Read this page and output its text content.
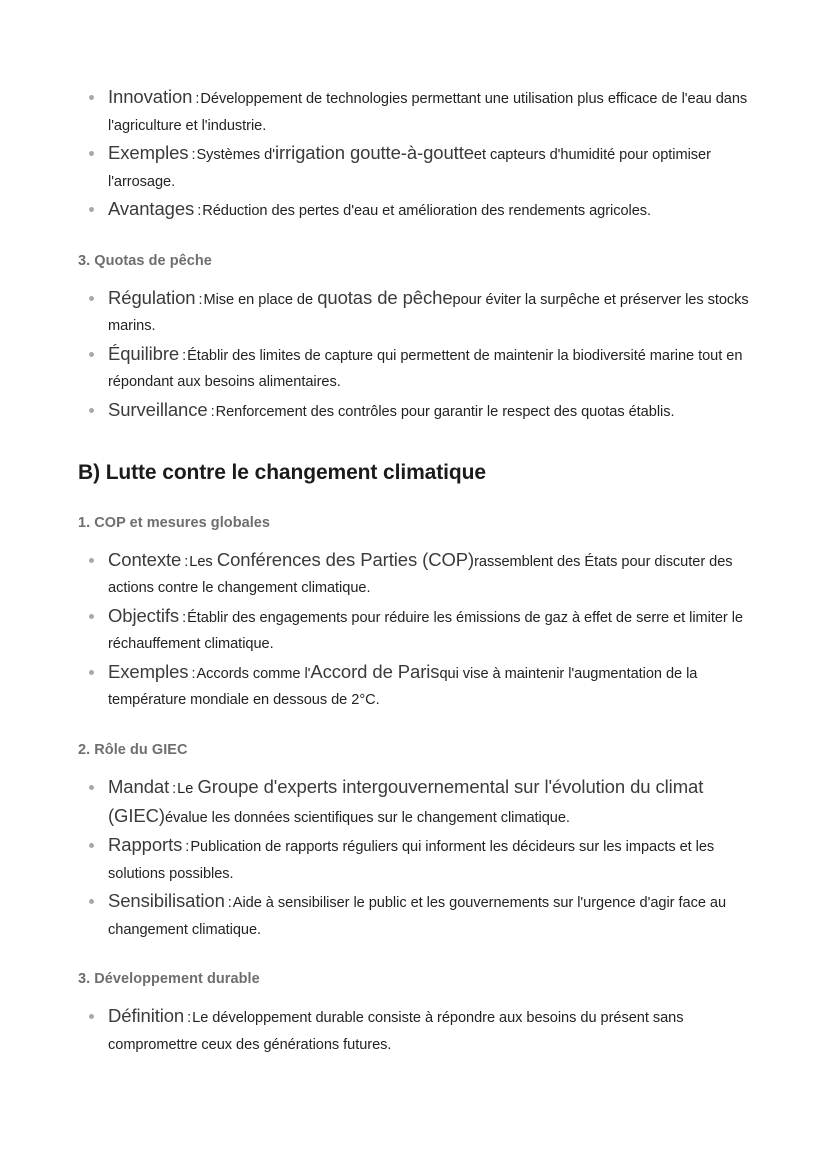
Innovation :Développement de technologies permettant une utilisation plus efficace de l'eau dans l'agriculture et l'industrie.
Exemples :Systèmes d'irrigation goutte-à-goutteet capteurs d'humidité pour optimiser l'arrosage.
Avantages :Réduction des pertes d'eau et amélioration des rendements agricoles.
3. Quotas de pêche
Régulation :Mise en place de quotas de pêchepour éviter la surpêche et préserver les stocks marins.
Équilibre :Établir des limites de capture qui permettent de maintenir la biodiversité marine tout en répondant aux besoins alimentaires.
Surveillance :Renforcement des contrôles pour garantir le respect des quotas établis.
B) Lutte contre le changement climatique
1. COP et mesures globales
Contexte :Les Conférences des Parties (COP)rassemblent des États pour discuter des actions contre le changement climatique.
Objectifs :Établir des engagements pour réduire les émissions de gaz à effet de serre et limiter le réchauffement climatique.
Exemples :Accords comme l'Accord de Parisqui vise à maintenir l'augmentation de la température mondiale en dessous de 2°C.
2. Rôle du GIEC
Mandat :Le Groupe d'experts intergouvernemental sur l'évolution du climat (GIEC)évalue les données scientifiques sur le changement climatique.
Rapports :Publication de rapports réguliers qui informent les décideurs sur les impacts et les solutions possibles.
Sensibilisation :Aide à sensibiliser le public et les gouvernements sur l'urgence d'agir face au changement climatique.
3. Développement durable
Définition :Le développement durable consiste à répondre aux besoins du présent sans compromettre ceux des générations futures.
